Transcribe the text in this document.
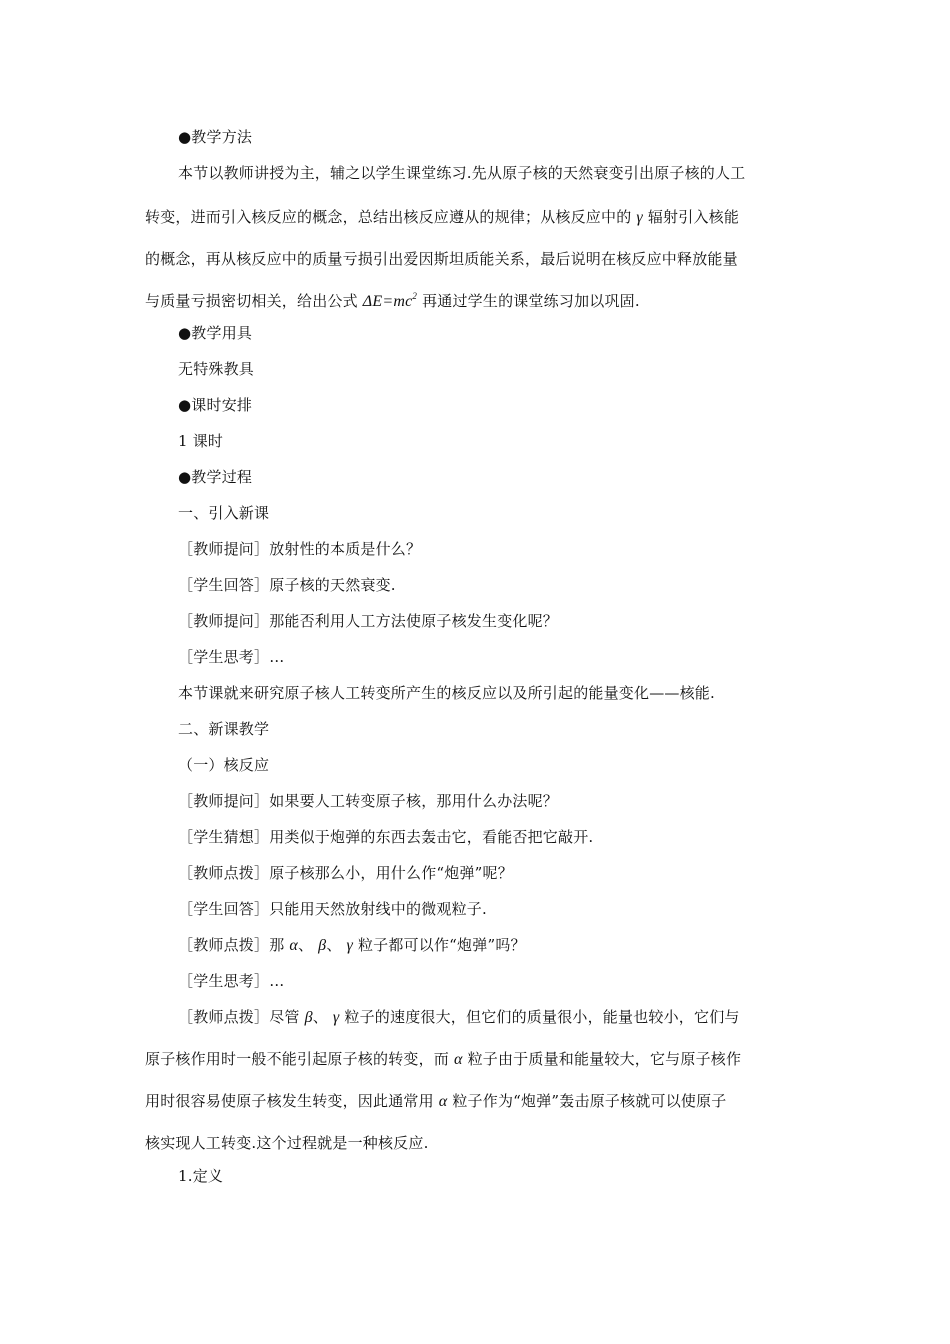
●教学方法
本节以教师讲授为主，辅之以学生课堂练习.先从原子核的天然衰变引出原子核的人工
转变，进而引入核反应的概念，总结出核反应遵从的规律；从核反应中的 γ 辐射引入核能
的概念，再从核反应中的质量亏损引出爱因斯坦质能关系，最后说明在核反应中释放能量
与质量亏损密切相关，给出公式 $\Delta E=mc^2$ 再通过学生的课堂练习加以巩固.
●教学用具
无特殊教具
●课时安排
1 课时
●教学过程
一、引入新课
［教师提问］放射性的本质是什么？
［学生回答］原子核的天然衰变.
［教师提问］那能否利用人工方法使原子核发生变化呢？
［学生思考］…
本节课就来研究原子核人工转变所产生的核反应以及所引起的能量变化——核能.
二、新课教学
（一）核反应
［教师提问］如果要人工转变原子核，那用什么办法呢？
［学生猜想］用类似于炮弹的东西去轰击它，看能否把它敲开.
［教师点拨］原子核那么小，用什么作“炮弹”呢？
［学生回答］只能用天然放射线中的微观粒子.
［教师点拨］那 α、 β、 γ 粒子都可以作“炮弹”吗？
［学生思考］…
［教师点拨］尽管 β、 γ 粒子的速度很大，但它们的质量很小，能量也较小，它们与
原子核作用时一般不能引起原子核的转变，而 α 粒子由于质量和能量较大，它与原子核作
用时很容易使原子核发生转变，因此通常用 α 粒子作为“炮弹”轰击原子核就可以使原子
核实现人工转变.这个过程就是一种核反应.
1.定义
